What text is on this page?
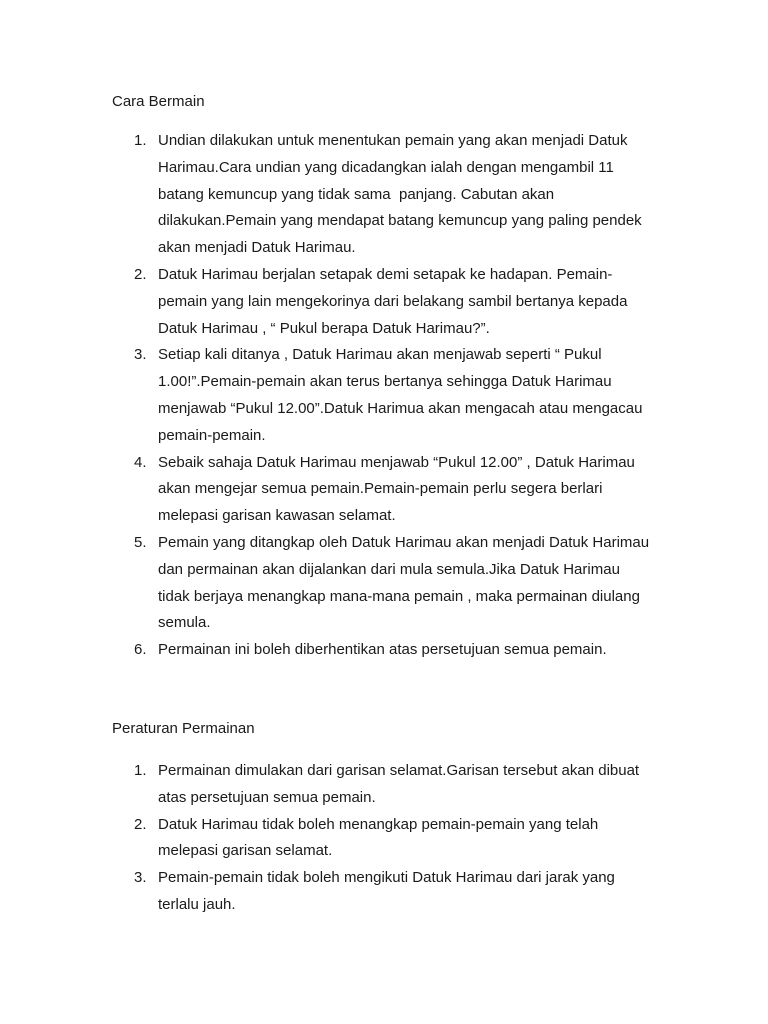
Cara Bermain
1. Undian dilakukan untuk menentukan pemain yang akan menjadi Datuk
Harimau.Cara undian yang dicadangkan ialah dengan mengambil 11
batang kemuncup yang tidak sama  panjang. Cabutan akan
dilakukan.Pemain yang mendapat batang kemuncup yang paling pendek
akan menjadi Datuk Harimau.
2. Datuk Harimau berjalan setapak demi setapak ke hadapan. Pemain-
pemain yang lain mengekorinya dari belakang sambil bertanya kepada
Datuk Harimau , “ Pukul berapa Datuk Harimau?”.
3. Setiap kali ditanya , Datuk Harimau akan menjawab seperti “ Pukul
1.00!”.Pemain-pemain akan terus bertanya sehingga Datuk Harimau
menjawab “Pukul 12.00”.Datuk Harimua akan mengacah atau mengacau
pemain-pemain.
4. Sebaik sahaja Datuk Harimau menjawab “Pukul 12.00” , Datuk Harimau
akan mengejar semua pemain.Pemain-pemain perlu segera berlari
melepasi garisan kawasan selamat.
5. Pemain yang ditangkap oleh Datuk Harimau akan menjadi Datuk Harimau
dan permainan akan dijalankan dari mula semula.Jika Datuk Harimau
tidak berjaya menangkap mana-mana pemain , maka permainan diulang
semula.
6. Permainan ini boleh diberhentikan atas persetujuan semua pemain.
Peraturan Permainan
1. Permainan dimulakan dari garisan selamat.Garisan tersebut akan dibuat
atas persetujuan semua pemain.
2. Datuk Harimau tidak boleh menangkap pemain-pemain yang telah
melepasi garisan selamat.
3. Pemain-pemain tidak boleh mengikuti Datuk Harimau dari jarak yang
terlalu jauh.
